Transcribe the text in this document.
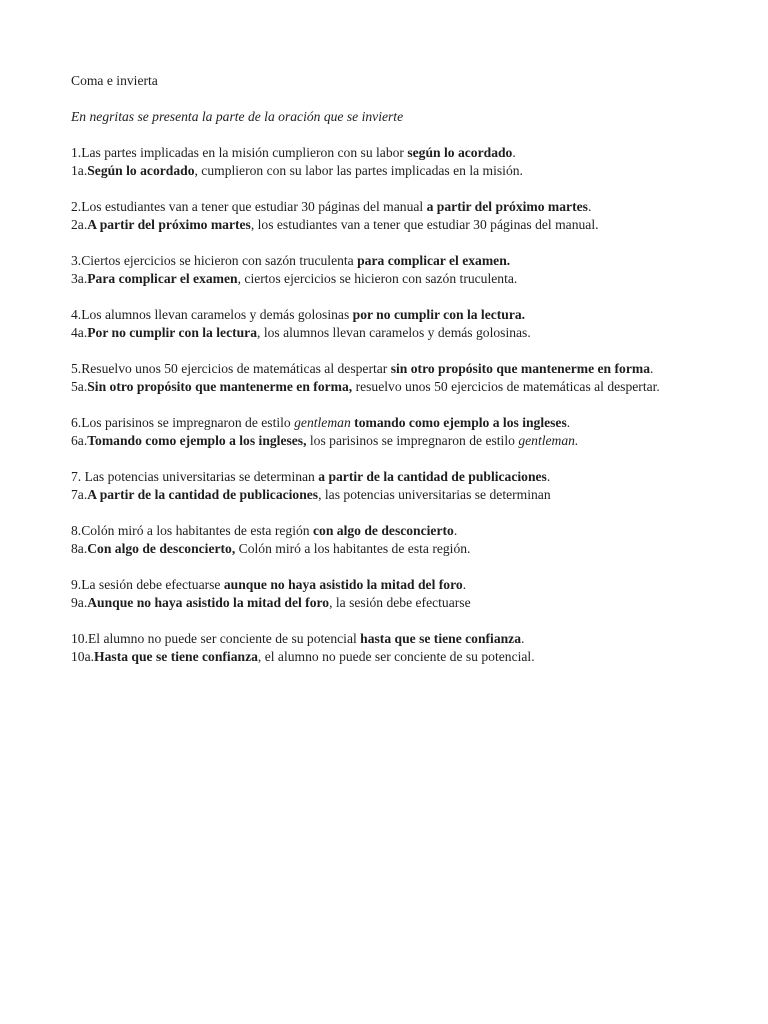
Coma e invierta

En negritas se presenta la parte de la oración que se invierte

1.Las partes implicadas en la misión cumplieron con su labor según lo acordado.

1a.Según lo acordado, cumplieron con su labor las partes implicadas en la misión.

2.Los estudiantes van a tener que estudiar 30 páginas del manual a partir del próximo martes.

2a.A partir del próximo martes, los estudiantes van a tener que estudiar 30 páginas del manual.

3.Ciertos ejercicios se hicieron con sazón truculenta para complicar el examen.

3a.Para complicar el examen, ciertos ejercicios se hicieron con sazón truculenta.

4.Los alumnos llevan caramelos y demás golosinas por no cumplir con la lectura.

4a.Por no cumplir con la lectura, los alumnos llevan caramelos y demás golosinas.

5.Resuelvo unos 50 ejercicios de matemáticas al despertar sin otro propósito que mantenerme en forma.

5a.Sin otro propósito que mantenerme en forma, resuelvo unos 50 ejercicios de matemáticas al despertar.

6.Los parisinos se impregnaron de estilo gentleman tomando como ejemplo a los ingleses.

6a.Tomando como ejemplo a los ingleses, los parisinos se impregnaron de estilo gentleman.

7. Las potencias universitarias se determinan a partir de la cantidad de publicaciones.

7a.A partir de la cantidad de publicaciones, las potencias universitarias se determinan

8.Colón miró a los habitantes de esta región con algo de desconcierto.

8a.Con algo de desconcierto, Colón miró a los habitantes de esta región.

9.La sesión debe efectuarse aunque no haya asistido la mitad del foro.

9a.Aunque no haya asistido la mitad del foro, la sesión debe efectuarse

10.El alumno no puede ser conciente de su potencial hasta que se tiene confianza.

10a.Hasta que se tiene confianza, el alumno no puede ser conciente de su potencial.
